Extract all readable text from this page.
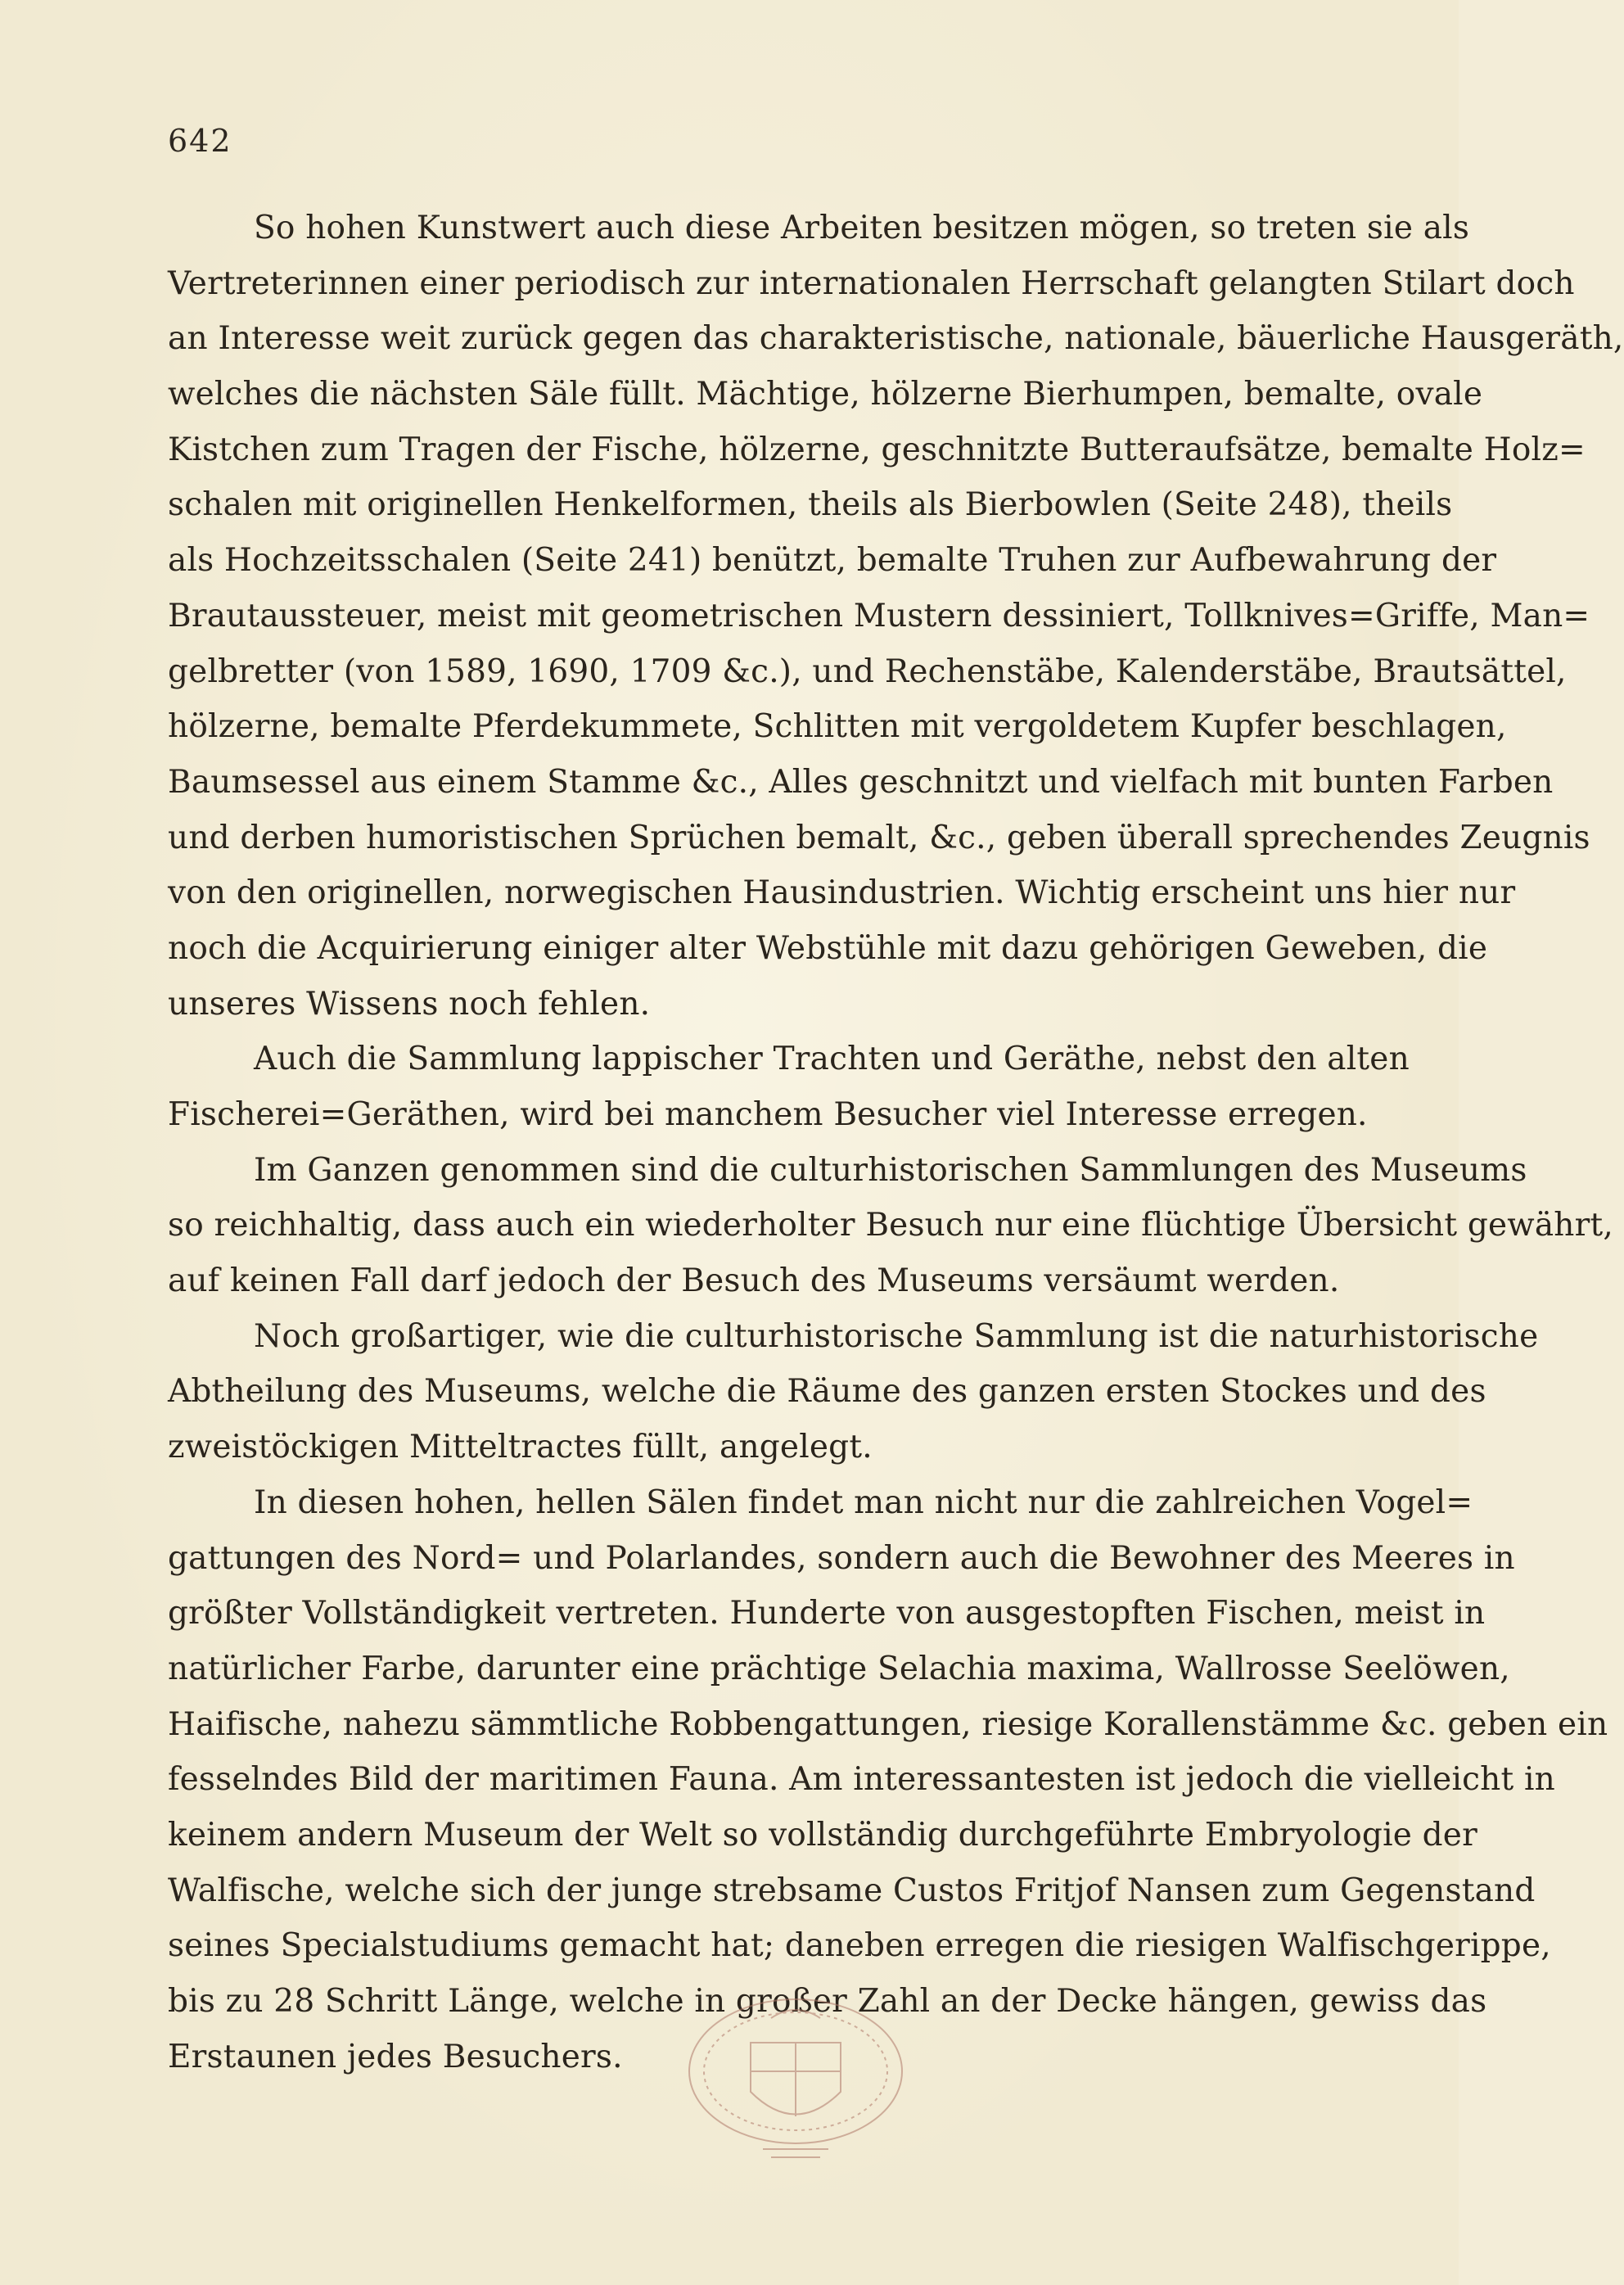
642
So hohen Kunstwert auch diese Arbeiten besitzen mögen, so treten sie als
Vertreterinnen einer periodisch zur internationalen Herrschaft gelangten Stilart doch
an Interesse weit zurück gegen das charakteristische, nationale, bäuerliche Hausgeräth,
welches die nächsten Säle füllt. Mächtige, hölzerne Bierhumpen, bemalte, ovale
Kistchen zum Tragen der Fische, hölzerne, geschnitzte Butteraufsätze, bemalte Holz=
schalen mit originellen Henkelformen, theils als Bierbowlen (Seite 248), theils
als Hochzeitsschalen (Seite 241) benützt, bemalte Truhen zur Aufbewahrung der
Brautaussteuer, meist mit geometrischen Mustern dessiniert, Tollknives=Griffe, Man=
gelbretter (von 1589, 1690, 1709 &c.), und Rechenstäbe, Kalenderstäbe, Brautsättel,
hölzerne, bemalte Pferdekummete, Schlitten mit vergoldetem Kupfer beschlagen,
Baumsessel aus einem Stamme &c., Alles geschnitzt und vielfach mit bunten Farben
und derben humoristischen Sprüchen bemalt, &c., geben überall sprechendes Zeugnis
von den originellen, norwegischen Hausindustrien. Wichtig erscheint uns hier nur
noch die Acquirierung einiger alter Webstühle mit dazu gehörigen Geweben, die
unseres Wissens noch fehlen.
Auch die Sammlung lappischer Trachten und Geräthe, nebst den alten
Fischerei=Geräthen, wird bei manchem Besucher viel Interesse erregen.
Im Ganzen genommen sind die culturhistorischen Sammlungen des Museums
so reichhaltig, dass auch ein wiederholter Besuch nur eine flüchtige Übersicht gewährt,
auf keinen Fall darf jedoch der Besuch des Museums versäumt werden.
Noch großartiger, wie die culturhistorische Sammlung ist die naturhistorische
Abtheilung des Museums, welche die Räume des ganzen ersten Stockes und des
zweistöckigen Mitteltractes füllt, angelegt.
In diesen hohen, hellen Sälen findet man nicht nur die zahlreichen Vogel=
gattungen des Nord= und Polarlandes, sondern auch die Bewohner des Meeres in
größter Vollständigkeit vertreten. Hunderte von ausgestopften Fischen, meist in
natürlicher Farbe, darunter eine prächtige Selachia maxima, Wallrosse Seelöwen,
Haifische, nahezu sämmtliche Robbengattungen, riesige Korallenstämme &c. geben ein
fesselndes Bild der maritimen Fauna. Am interessantesten ist jedoch die vielleicht in
keinem andern Museum der Welt so vollständig durchgeführte Embryologie der
Walfische, welche sich der junge strebsame Custos Fritjof Nansen zum Gegenstand
seines Specialstudiums gemacht hat; daneben erregen die riesigen Walfischgerippe,
bis zu 28 Schritt Länge, welche in großer Zahl an der Decke hängen, gewiss das
Erstaunen jedes Besuchers.
